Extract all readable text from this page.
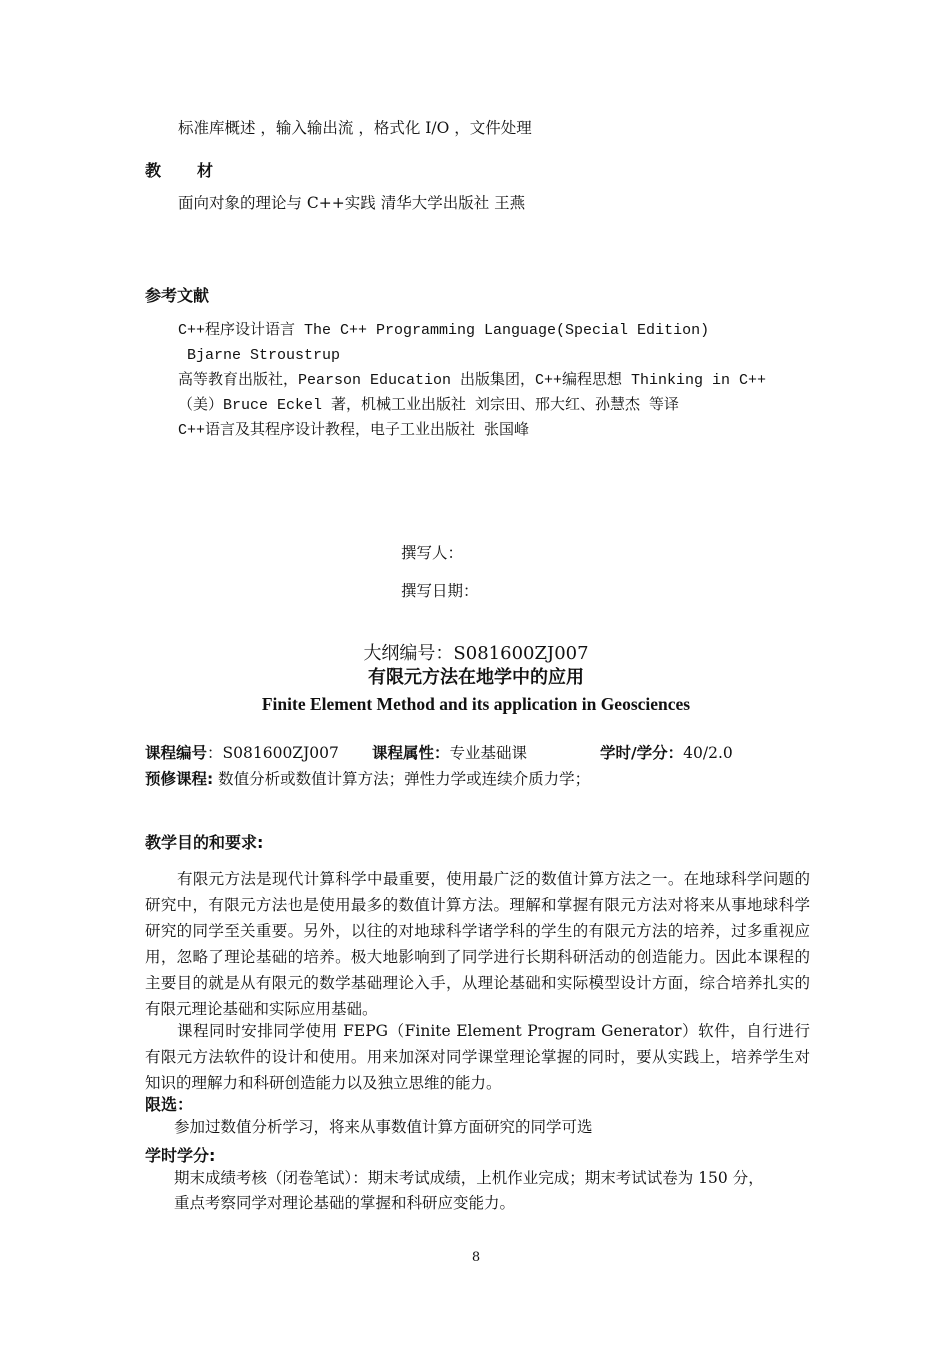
标准库概述 ，输入输出流 ，格式化 I/O ，文件处理
教 材
面向对象的理论与 C++实践 清华大学出版社 王燕
参考文献
C++程序设计语言 The C++ Programming Language(Special Edition)
Bjarne Stroustrup
高等教育出版社，Pearson Education 出版集团，C++编程思想 Thinking in C++
（美）Bruce Eckel 著，机械工业出版社 刘宗田、邢大红、孙慧杰 等译
C++语言及其程序设计教程，电子工业出版社 张国峰
撰写人：
撰写日期：
大纲编号：S081600ZJ007
有限元方法在地学中的应用
Finite Element Method and its application in Geosciences
课程编号：S081600ZJ007 课程属性：专业基础课	学时/学分：40/2.0
预修课程: 数值分析或数值计算方法；弹性力学或连续介质力学；
教学目的和要求:
有限元方法是现代计算科学中最重要，使用最广泛的数值计算方法之一。在地球科学问题的研究中，有限元方法也是使用最多的数值计算方法。理解和掌握有限元方法对将来从事地球科学研究的同学至关重要。另外，以往的对地球科学诸学科的学生的有限元方法的培养，过多重视应用，忽略了理论基础的培养。极大地影响到了同学进行长期科研活动的创造能力。因此本课程的主要目的就是从有限元的数学基础理论入手，从理论基础和实际模型设计方面，综合培养扎实的有限元理论基础和实际应用基础。
课程同时安排同学使用 FEPG（Finite Element Program Generator）软件，自行进行有限元方法软件的设计和使用。用来加深对同学课堂理论掌握的同时，要从实践上，培养学生对知识的理解力和科研创造能力以及独立思维的能力。
限选：
参加过数值分析学习，将来从事数值计算方面研究的同学可选
学时学分:
期末成绩考核（闭卷笔试）：期末考试成绩，上机作业完成；期末考试试卷为 150 分，
重点考察同学对理论基础的掌握和科研应变能力。
8
